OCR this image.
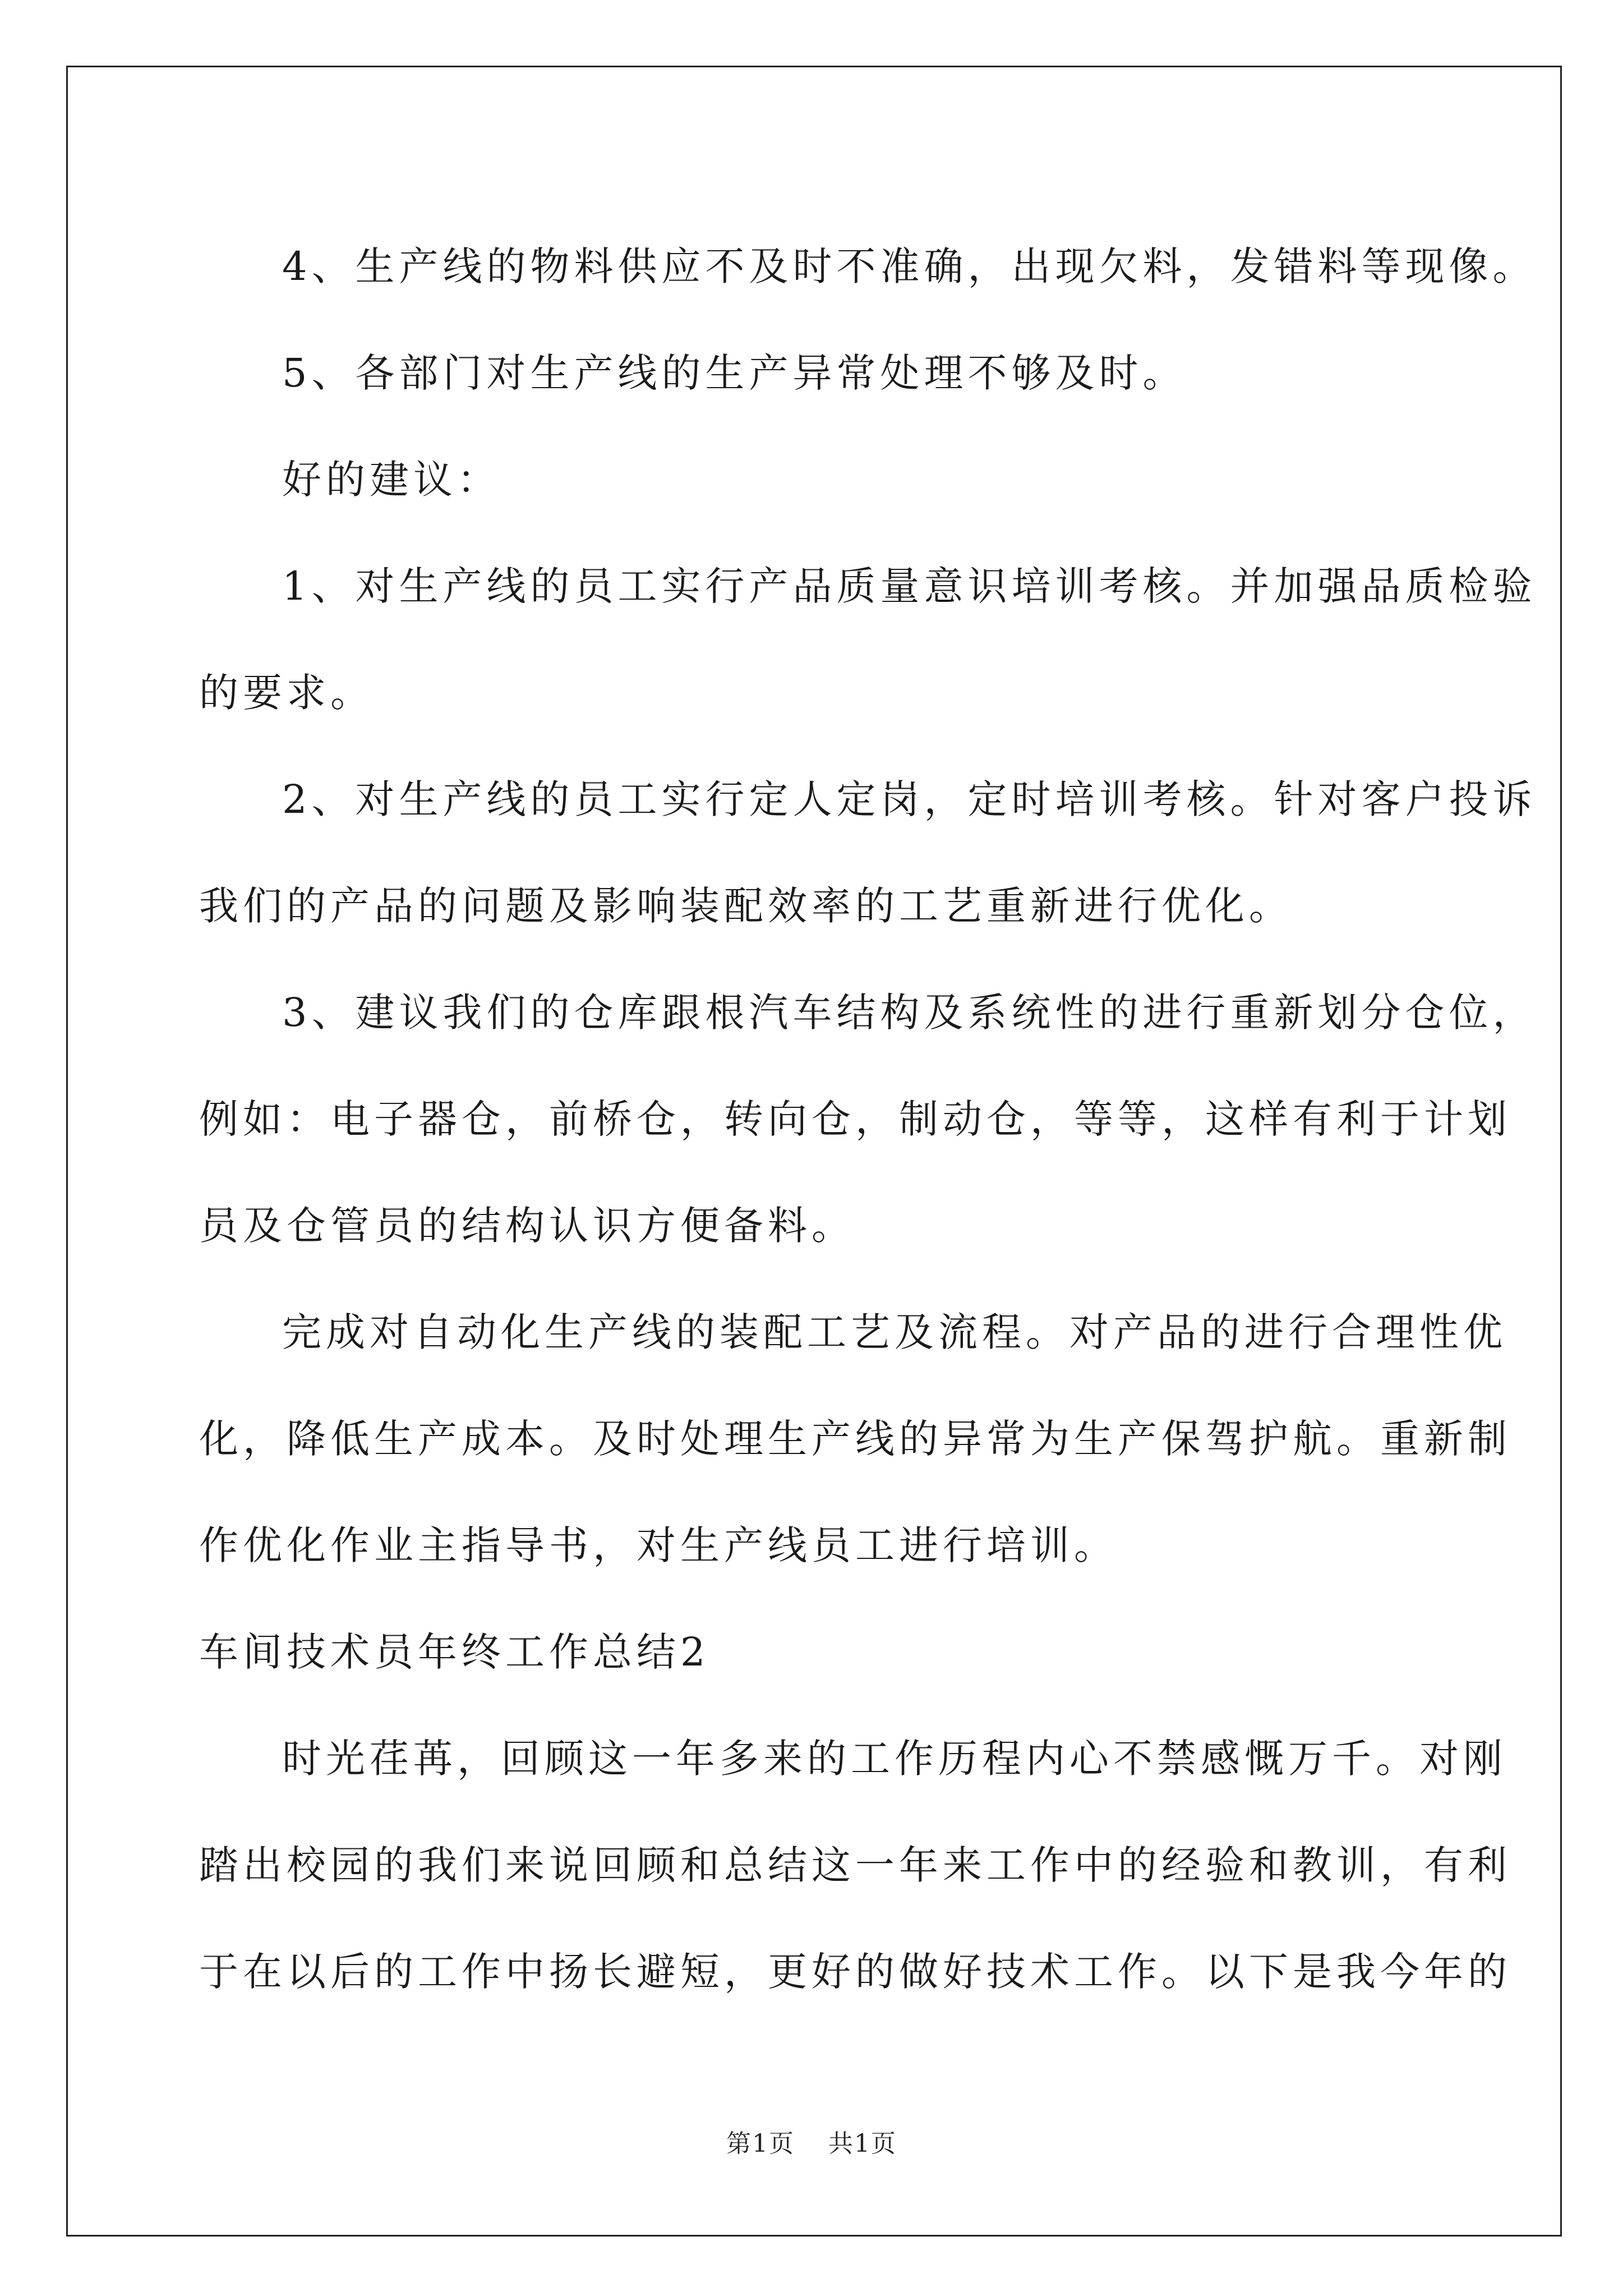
4、生产线的物料供应不及时不准确，出现欠料，发错料等现像。

5、各部门对生产线的生产异常处理不够及时。

好的建议：

1、对生产线的员工实行产品质量意识培训考核。并加强品质检验

的要求。

2、对生产线的员工实行定人定岗，定时培训考核。针对客户投诉

我们的产品的问题及影响装配效率的工艺重新进行优化。

3、建议我们的仓库跟根汽车结构及系统性的进行重新划分仓位，

例如：电子器仓，前桥仓，转向仓，制动仓，等等，这样有利于计划

员及仓管员的结构认识方便备料。

完成对自动化生产线的装配工艺及流程。对产品的进行合理性优

化，降低生产成本。及时处理生产线的异常为生产保驾护航。重新制

作优化作业主指导书，对生产线员工进行培训。

车间技术员年终工作总结2

时光荏苒，回顾这一年多来的工作历程内心不禁感慨万千。对刚

踏出校园的我们来说回顾和总结这一年来工作中的经验和教训，有利

于在以后的工作中扬长避短，更好的做好技术工作。以下是我今年的

第1页 共1页
